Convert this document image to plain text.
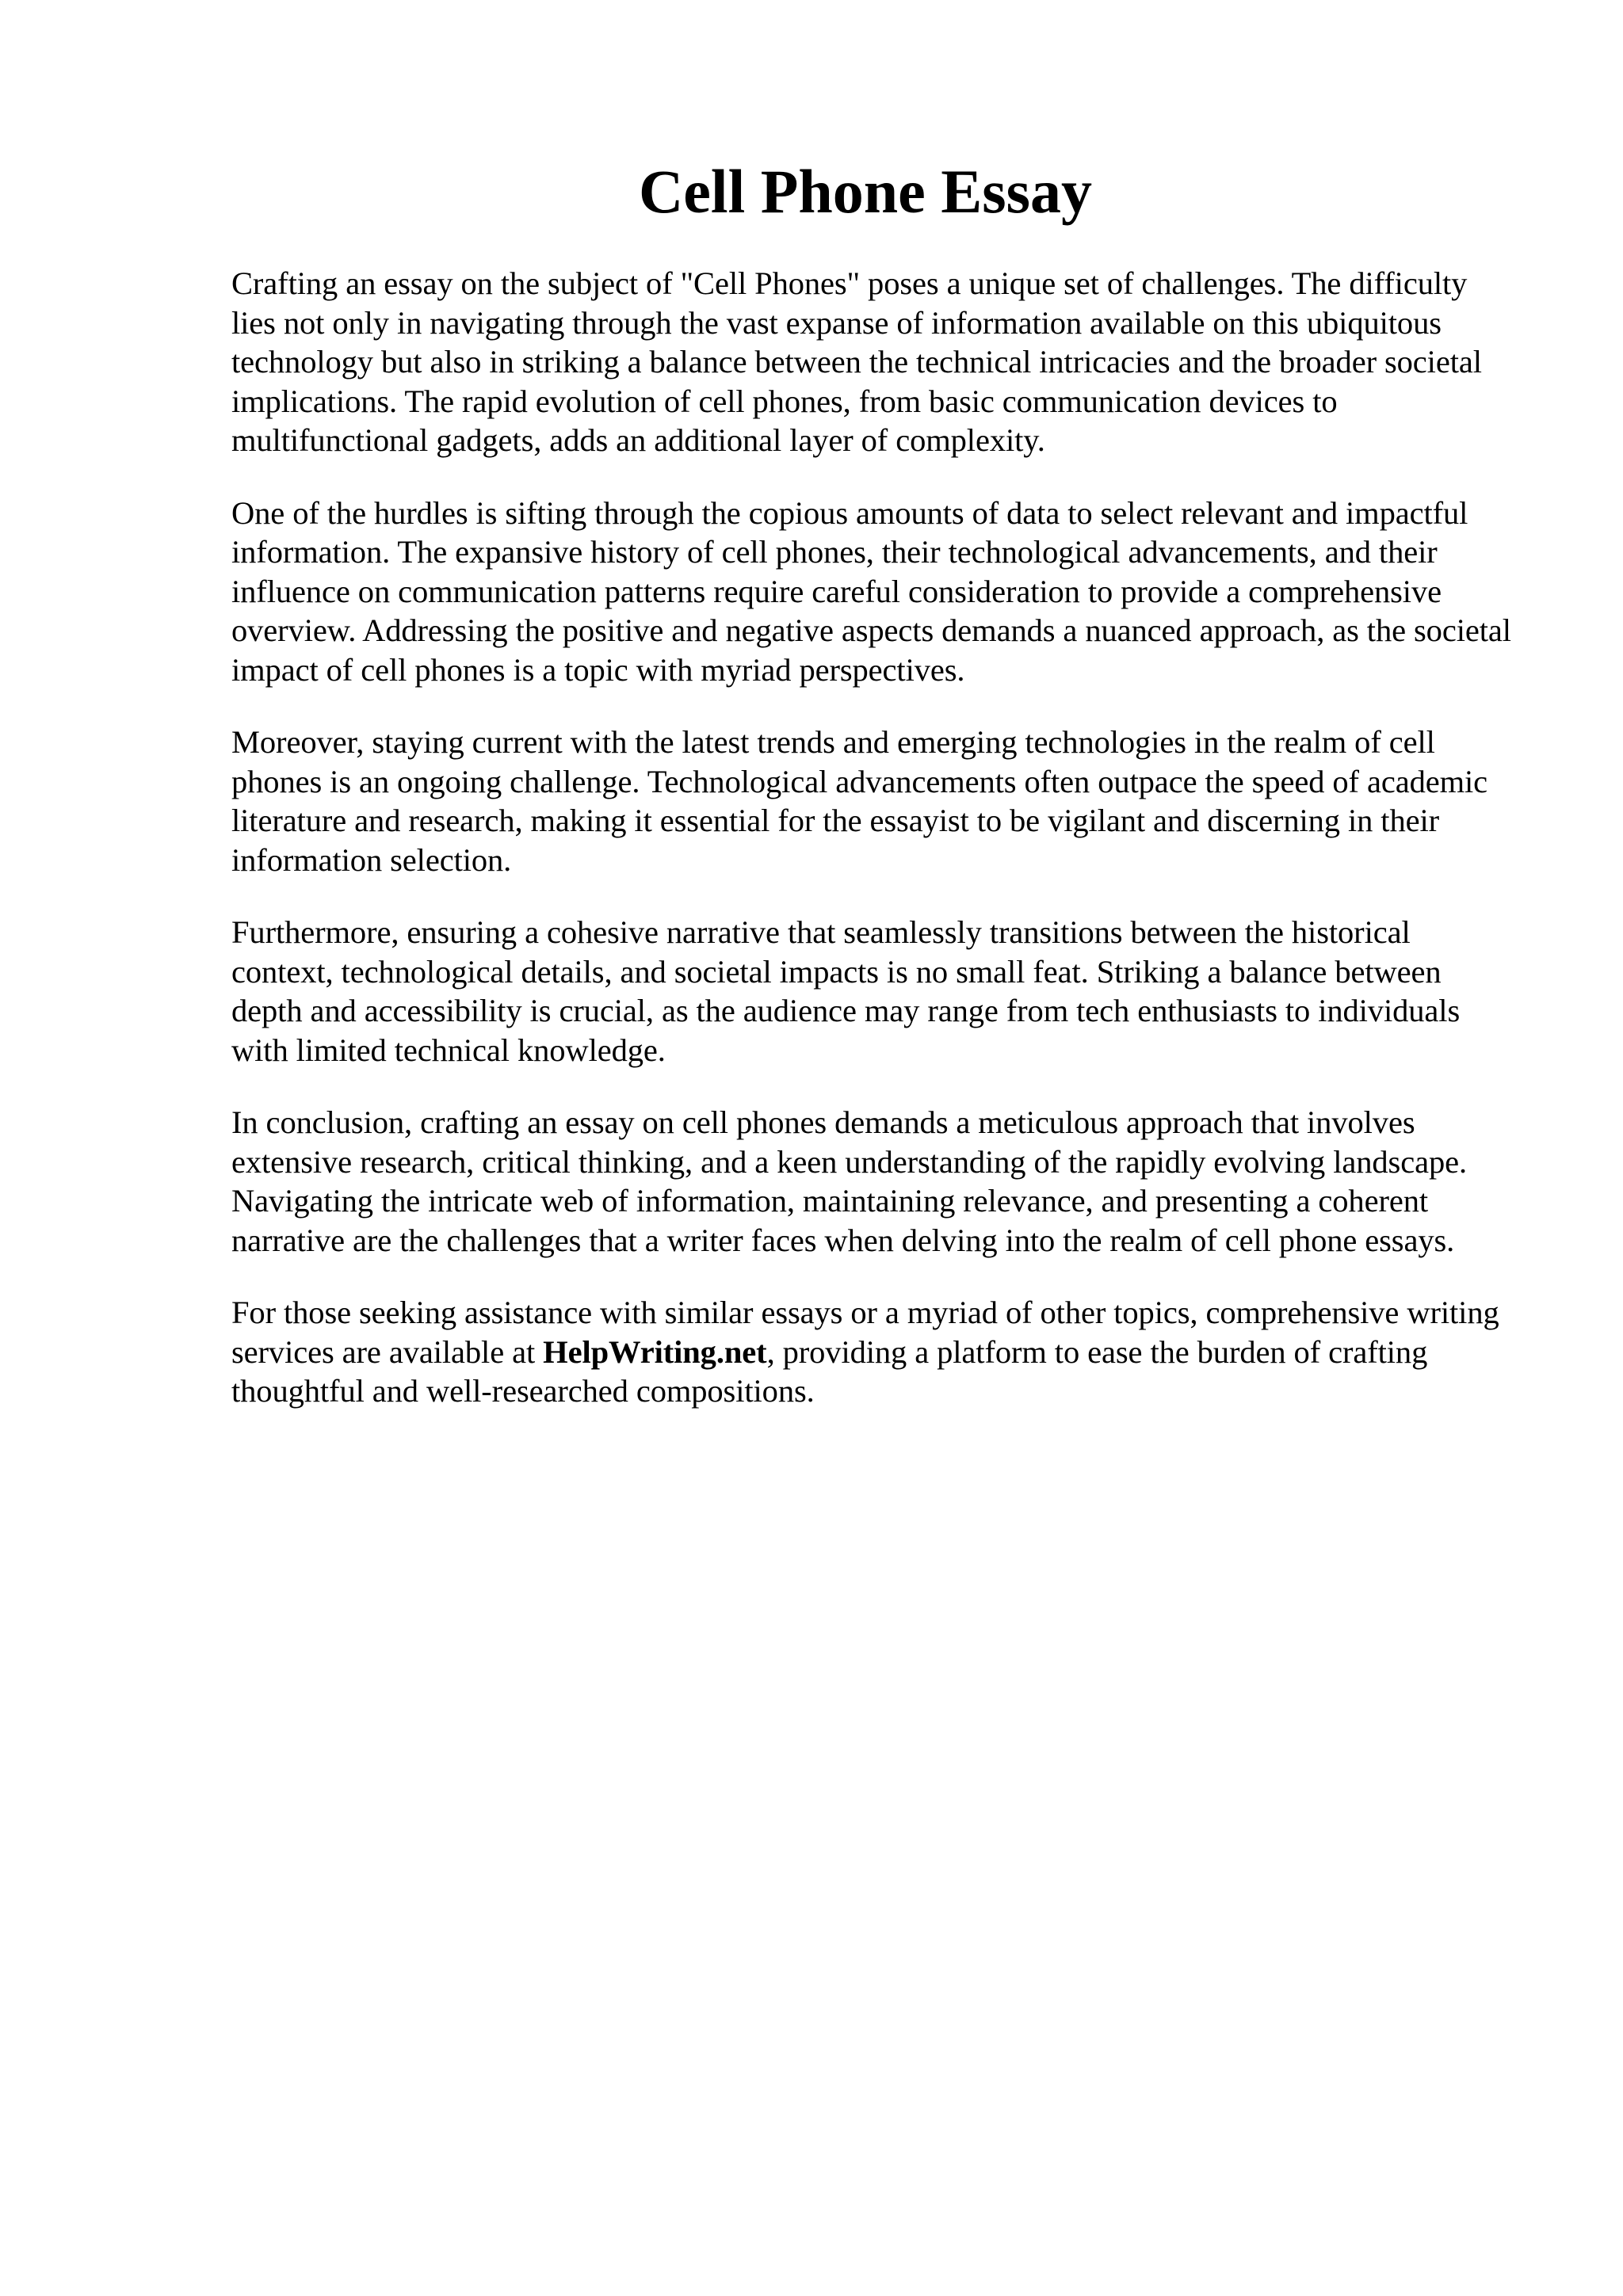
Cell Phone Essay

Crafting an essay on the subject of "Cell Phones" poses a unique set of challenges. The difficulty lies not only in navigating through the vast expanse of information available on this ubiquitous technology but also in striking a balance between the technical intricacies and the broader societal implications. The rapid evolution of cell phones, from basic communication devices to multifunctional gadgets, adds an additional layer of complexity.

One of the hurdles is sifting through the copious amounts of data to select relevant and impactful information. The expansive history of cell phones, their technological advancements, and their influence on communication patterns require careful consideration to provide a comprehensive overview. Addressing the positive and negative aspects demands a nuanced approach, as the societal impact of cell phones is a topic with myriad perspectives.

Moreover, staying current with the latest trends and emerging technologies in the realm of cell phones is an ongoing challenge. Technological advancements often outpace the speed of academic literature and research, making it essential for the essayist to be vigilant and discerning in their information selection.

Furthermore, ensuring a cohesive narrative that seamlessly transitions between the historical context, technological details, and societal impacts is no small feat. Striking a balance between depth and accessibility is crucial, as the audience may range from tech enthusiasts to individuals with limited technical knowledge.

In conclusion, crafting an essay on cell phones demands a meticulous approach that involves extensive research, critical thinking, and a keen understanding of the rapidly evolving landscape. Navigating the intricate web of information, maintaining relevance, and presenting a coherent narrative are the challenges that a writer faces when delving into the realm of cell phone essays.

For those seeking assistance with similar essays or a myriad of other topics, comprehensive writing services are available at HelpWriting.net, providing a platform to ease the burden of crafting thoughtful and well-researched compositions.
